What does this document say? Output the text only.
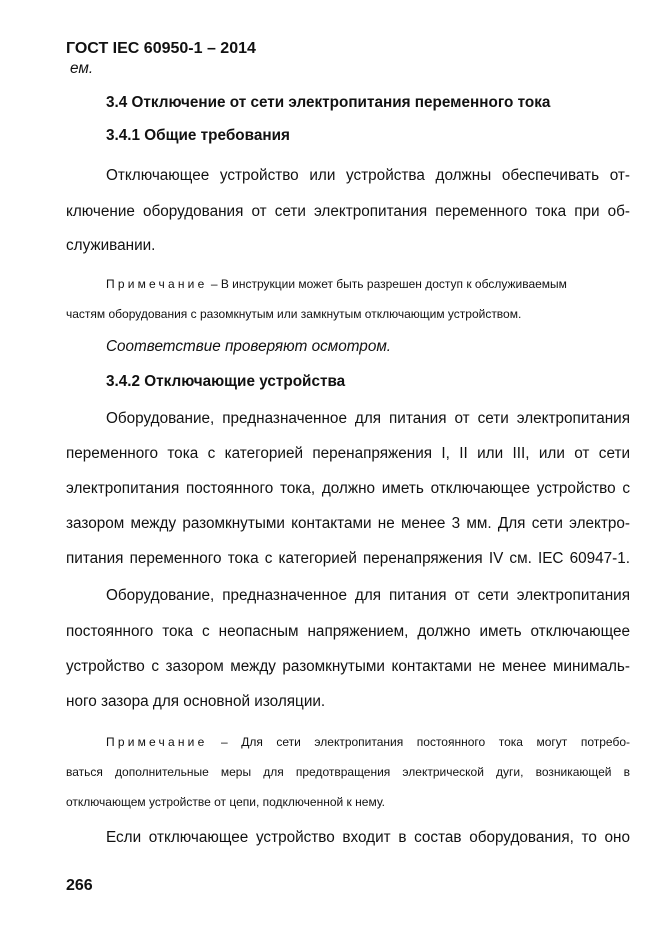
ГОСТ IEC 60950-1 – 2014
ем.
3.4 Отключение от сети электропитания переменного тока
3.4.1 Общие требования
Отключающее устройство или устройства должны обеспечивать от-
ключение оборудования от сети электропитания переменного тока при об-
служивании.
Примечание – В инструкции может быть разрешен доступ к обслуживаемым
частям оборудования с разомкнутым или замкнутым отключающим устройством.
Соответствие проверяют осмотром.
3.4.2 Отключающие устройства
Оборудование, предназначенное для питания от сети электропитания
переменного тока с категорией перенапряжения I, II или III, или от сети
электропитания постоянного тока, должно иметь отключающее устройство с
зазором между разомкнутыми контактами не менее 3 мм. Для сети электро-
питания переменного тока с категорией перенапряжения IV см. IEC 60947-1.
Оборудование, предназначенное для питания от сети электропитания
постоянного тока с неопасным напряжением, должно иметь отключающее
устройство с зазором между разомкнутыми контактами не менее минималь-
ного зазора для основной изоляции.
Примечание – Для сети электропитания постоянного тока могут потребо-
ваться дополнительные меры для предотвращения электрической дуги, возникающей в
отключающем устройстве от цепи, подключенной к нему.
Если отключающее устройство входит в состав оборудования, то оно
266
